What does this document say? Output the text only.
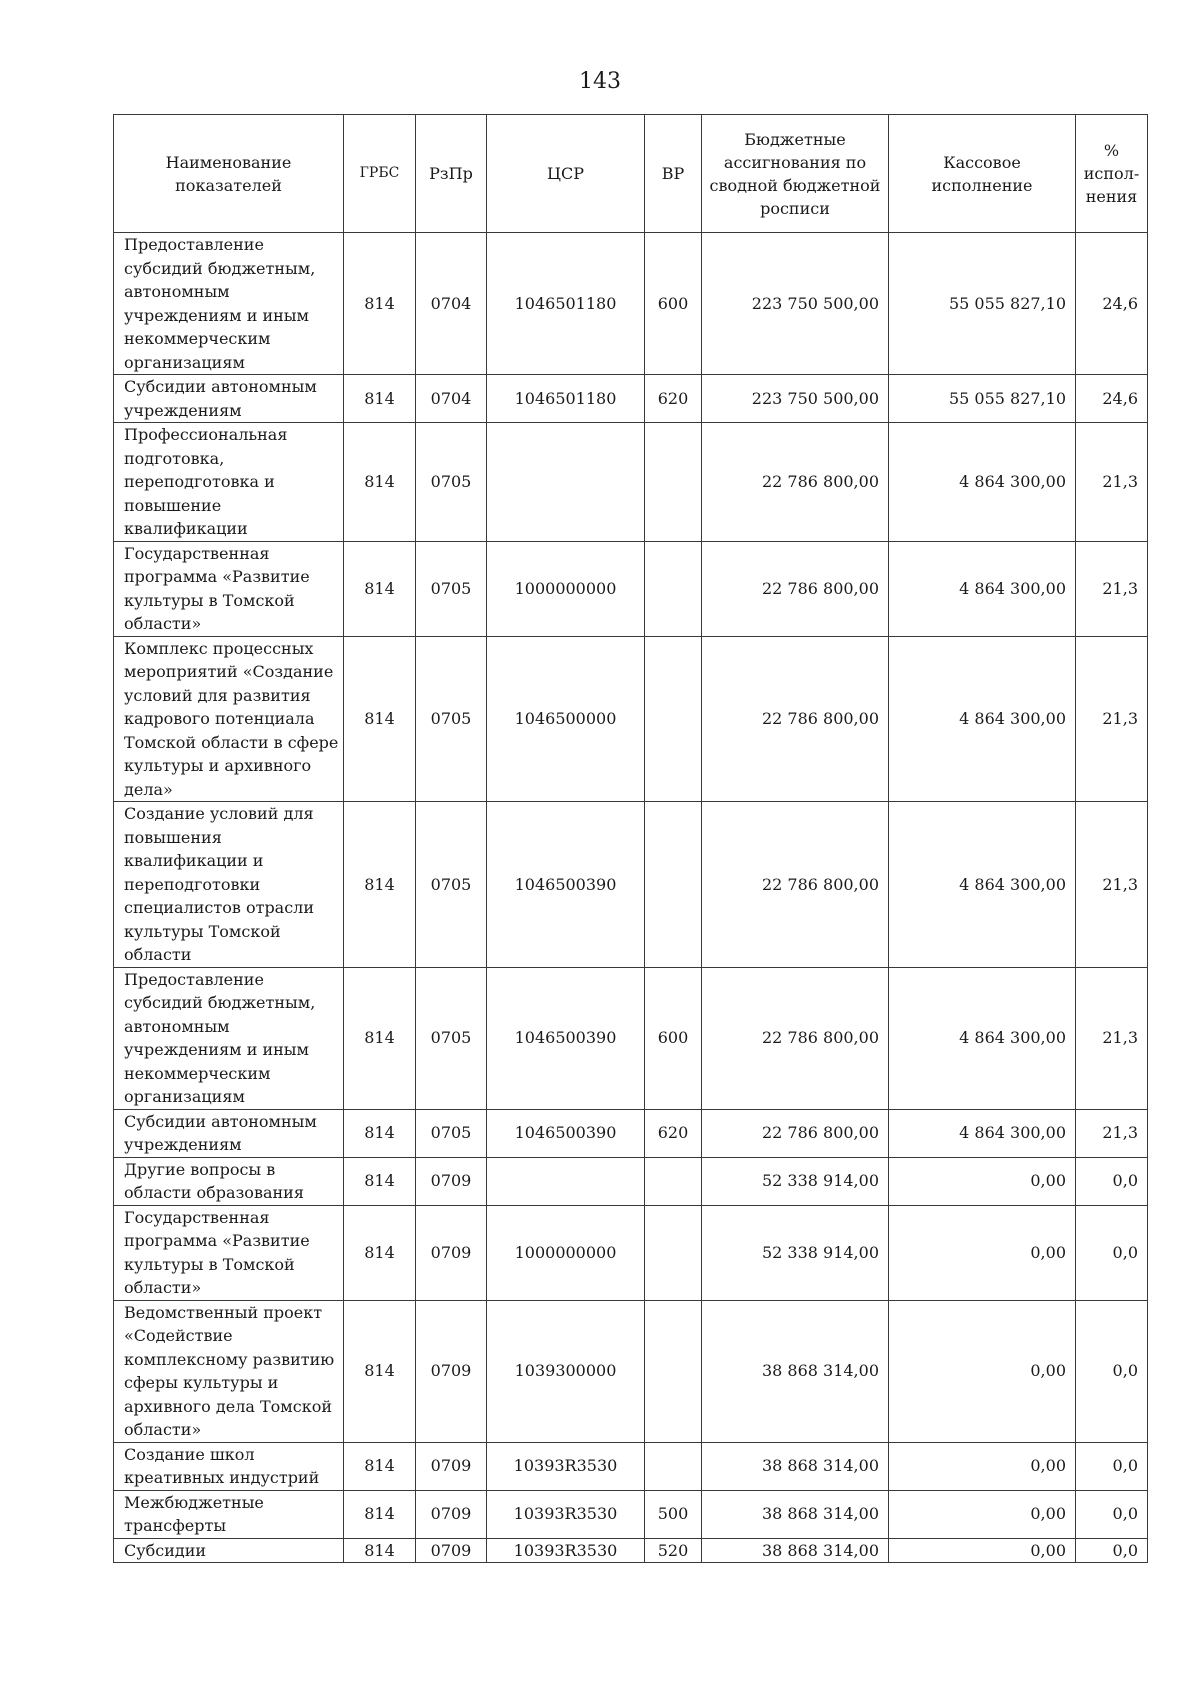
143
Наименование показателей	ГРБС	РзПр	ЦСР	ВР	Бюджетные ассигнования по сводной бюджетной росписи	Кассовое исполнение	% испол-нения
Предоставление субсидий бюджетным, автономным учреждениям и иным некоммерческим организациям	814	0704	1046501180	600	223 750 500,00	55 055 827,10	24,6
Субсидии автономным учреждениям	814	0704	1046501180	620	223 750 500,00	55 055 827,10	24,6
Профессиональная подготовка, переподготовка и повышение квалификации	814	0705			22 786 800,00	4 864 300,00	21,3
Государственная программа «Развитие культуры в Томской области»	814	0705	1000000000		22 786 800,00	4 864 300,00	21,3
Комплекс процессных мероприятий «Создание условий для развития кадрового потенциала Томской области в сфере культуры и архивного дела»	814	0705	1046500000		22 786 800,00	4 864 300,00	21,3
Создание условий для повышения квалификации и переподготовки специалистов отрасли культуры Томской области	814	0705	1046500390		22 786 800,00	4 864 300,00	21,3
Предоставление субсидий бюджетным, автономным учреждениям и иным некоммерческим организациям	814	0705	1046500390	600	22 786 800,00	4 864 300,00	21,3
Субсидии автономным учреждениям	814	0705	1046500390	620	22 786 800,00	4 864 300,00	21,3
Другие вопросы в области образования	814	0709			52 338 914,00	0,00	0,0
Государственная программа «Развитие культуры в Томской области»	814	0709	1000000000		52 338 914,00	0,00	0,0
Ведомственный проект «Содействие комплексному развитию сферы культуры и архивного дела Томской области»	814	0709	1039300000		38 868 314,00	0,00	0,0
Создание школ креативных индустрий	814	0709	10393R3530		38 868 314,00	0,00	0,0
Межбюджетные трансферты	814	0709	10393R3530	500	38 868 314,00	0,00	0,0
Субсидии	814	0709	10393R3530	520	38 868 314,00	0,00	0,0
